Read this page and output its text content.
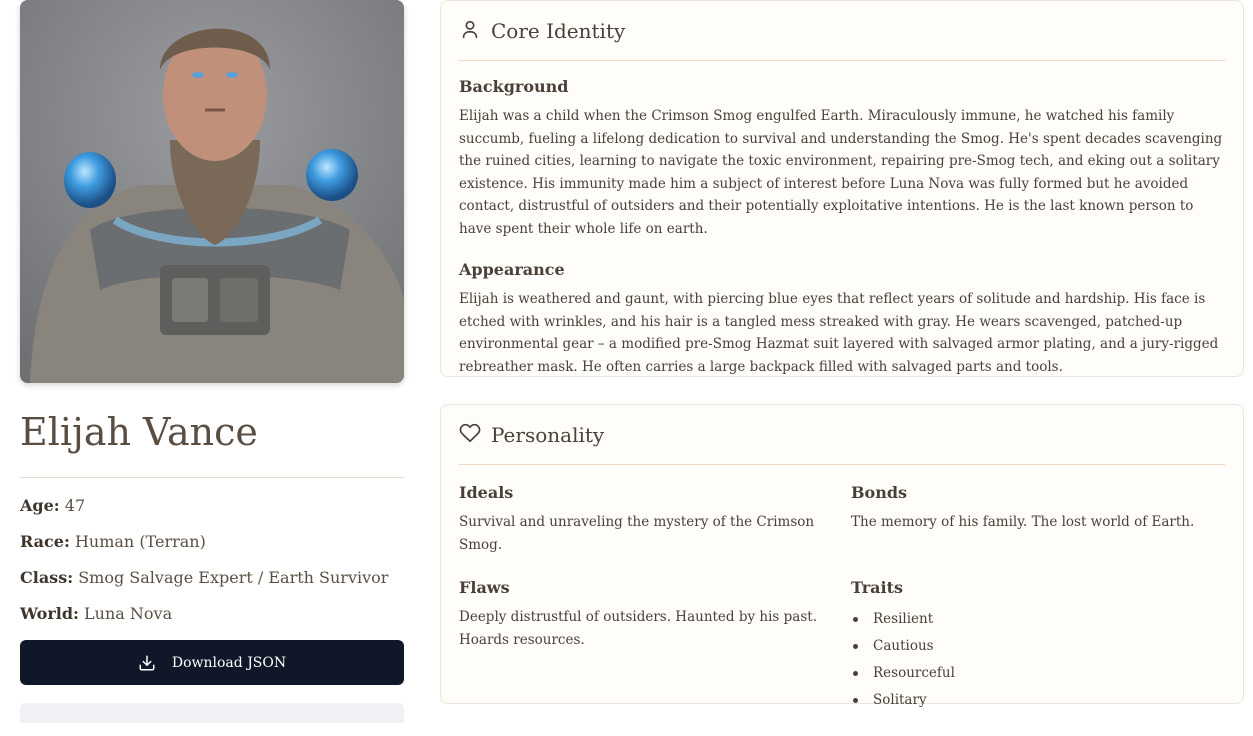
Elijah Vance
Age: 47
Race: Human (Terran)
Class: Smog Salvage Expert / Earth Survivor
World: Luna Nova
Download JSON
Core Identity
Background

Elijah was a child when the Crimson Smog engulfed Earth. Miraculously immune, he watched his family succumb, fueling a lifelong dedication to survival and understanding the Smog. He's spent decades scavenging the ruined cities, learning to navigate the toxic environment, repairing pre-Smog tech, and eking out a solitary existence. His immunity made him a subject of interest before Luna Nova was fully formed but he avoided contact, distrustful of outsiders and their potentially exploitative intentions. He is the last known person to have spent their whole life on earth.

Appearance

Elijah is weathered and gaunt, with piercing blue eyes that reflect years of solitude and hardship. His face is etched with wrinkles, and his hair is a tangled mess streaked with gray. He wears scavenged, patched-up environmental gear – a modified pre-Smog Hazmat suit layered with salvaged armor plating, and a jury-rigged rebreather mask. He often carries a large backpack filled with salvaged parts and tools.

Personality
Ideals

Survival and unraveling the mystery of the Crimson Smog.

Bonds

The memory of his family. The lost world of Earth.

Flaws

Deeply distrustful of outsiders. Haunted by his past. Hoards resources.

Traits
Resilient
Cautious
Resourceful
Solitary
